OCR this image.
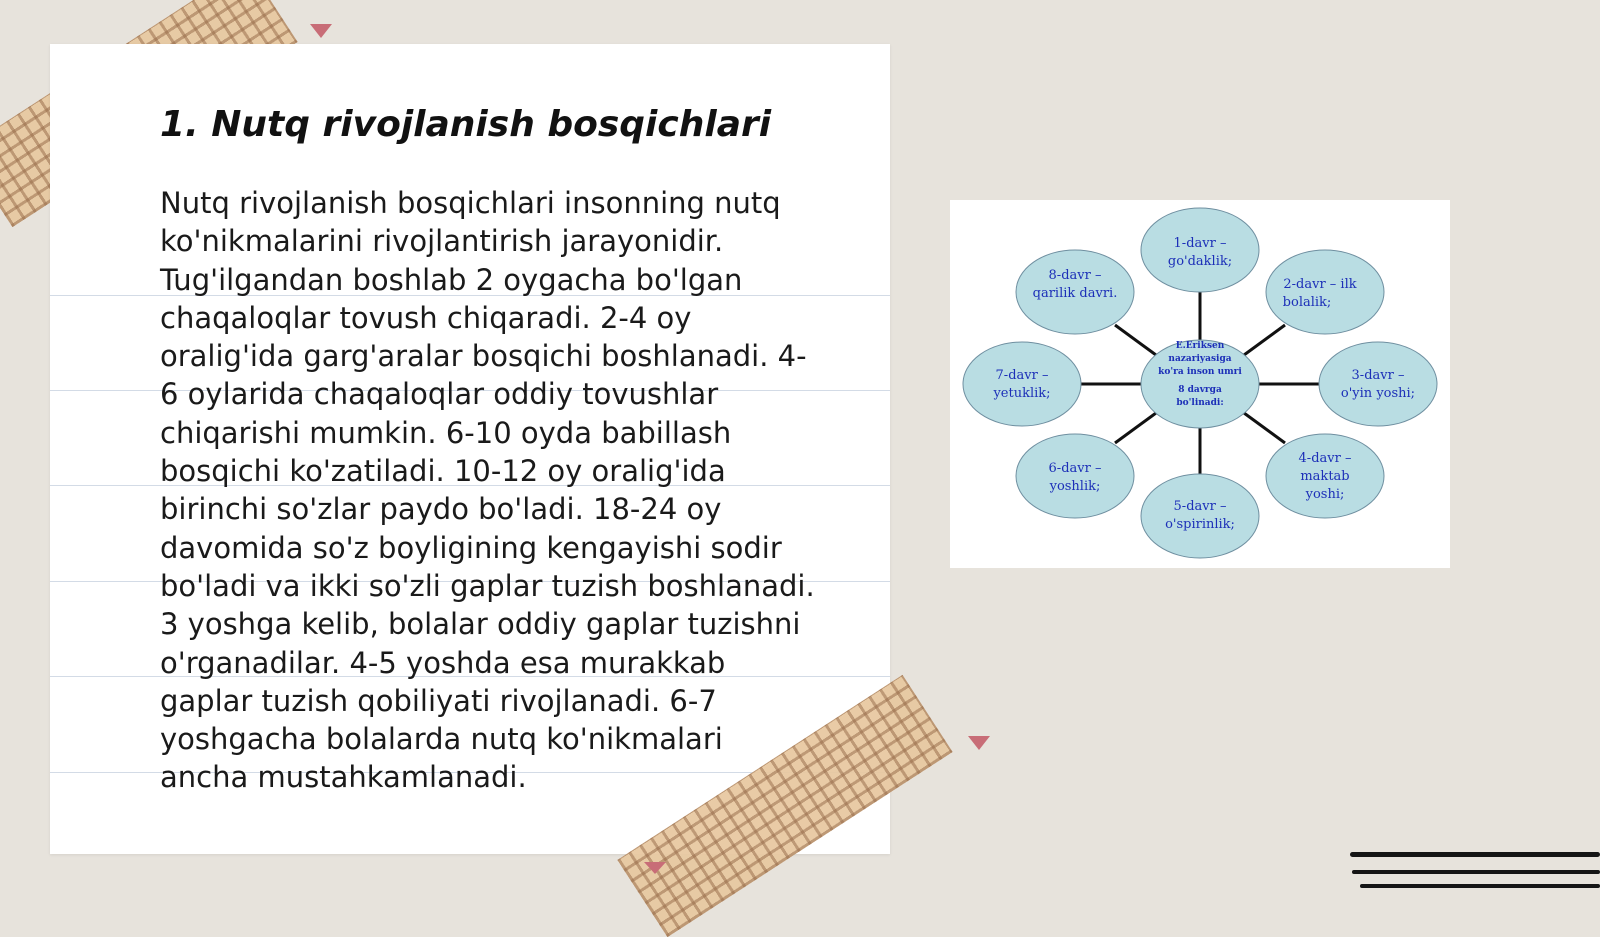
1. Nutq rivojlanish bosqichlari

Nutq rivojlanish bosqichlari insonning nutq
ko'nikmalarini rivojlantirish jarayonidir.
Tug'ilgandan boshlab 2 oygacha bo'lgan
chaqaloqlar tovush chiqaradi. 2-4 oy
oralig'ida garg'aralar bosqichi boshlanadi. 4-
6 oylarida chaqaloqlar oddiy tovushlar
chiqarishi mumkin. 6-10 oyda babillash
bosqichi ko'zatiladi. 10-12 oy oralig'ida
birinchi so'zlar paydo bo'ladi. 18-24 oy
davomida so'z boyligining kengayishi sodir
bo'ladi va ikki so'zli gaplar tuzish boshlanadi.
3 yoshga kelib, bolalar oddiy gaplar tuzishni
o'rganadilar. 4-5 yoshda esa murakkab
gaplar tuzish qobiliyati rivojlanadi. 6-7
yoshgacha bolalarda nutq ko'nikmalari
ancha mustahkamlanadi.

E.Eriksen
nazariyasiga
ko'ra inson umri
8 davrga
bo'linadi:
1-davr –
go'daklik;
2-davr – ilk
bolalik;
3-davr –
o'yin yoshi;
4-davr –
maktab
yoshi;
5-davr –
o'spirinlik;
6-davr –
yoshlik;
7-davr –
yetuklik;
8-davr –
qarilik davri.
